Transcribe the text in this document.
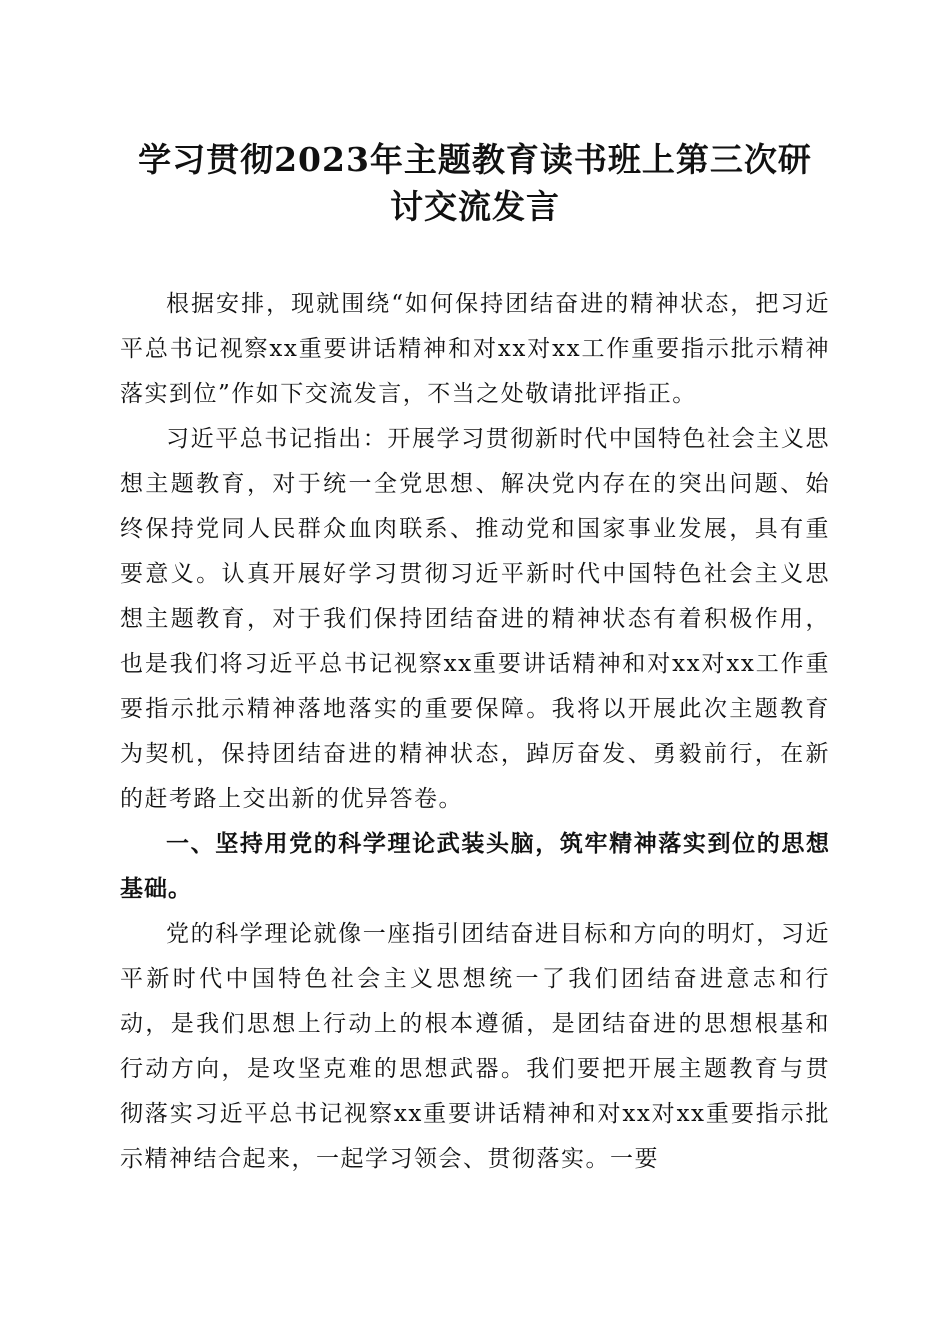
学习贯彻2023年主题教育读书班上第三次研
讨交流发言

根据安排，现就围绕“如何保持团结奋进的精神状态，把习近平总书记视察xx重要讲话精神和对xx对xx工作重要指示批示精神落实到位”作如下交流发言，不当之处敬请批评指正。

习近平总书记指出：开展学习贯彻新时代中国特色社会主义思想主题教育，对于统一全党思想、解决党内存在的突出问题、始终保持党同人民群众血肉联系、推动党和国家事业发展，具有重要意义。认真开展好学习贯彻习近平新时代中国特色社会主义思想主题教育，对于我们保持团结奋进的精神状态有着积极作用，也是我们将习近平总书记视察xx重要讲话精神和对xx对xx工作重要指示批示精神落地落实的重要保障。我将以开展此次主题教育为契机，保持团结奋进的精神状态，踔厉奋发、勇毅前行，在新的赶考路上交出新的优异答卷。

一、坚持用党的科学理论武装头脑，筑牢精神落实到位的思想基础。

党的科学理论就像一座指引团结奋进目标和方向的明灯，习近平新时代中国特色社会主义思想统一了我们团结奋进意志和行动，是我们思想上行动上的根本遵循，是团结奋进的思想根基和行动方向，是攻坚克难的思想武器。我们要把开展主题教育与贯彻落实习近平总书记视察xx重要讲话精神和对xx对xx重要指示批示精神结合起来，一起学习领会、贯彻落实。一要
